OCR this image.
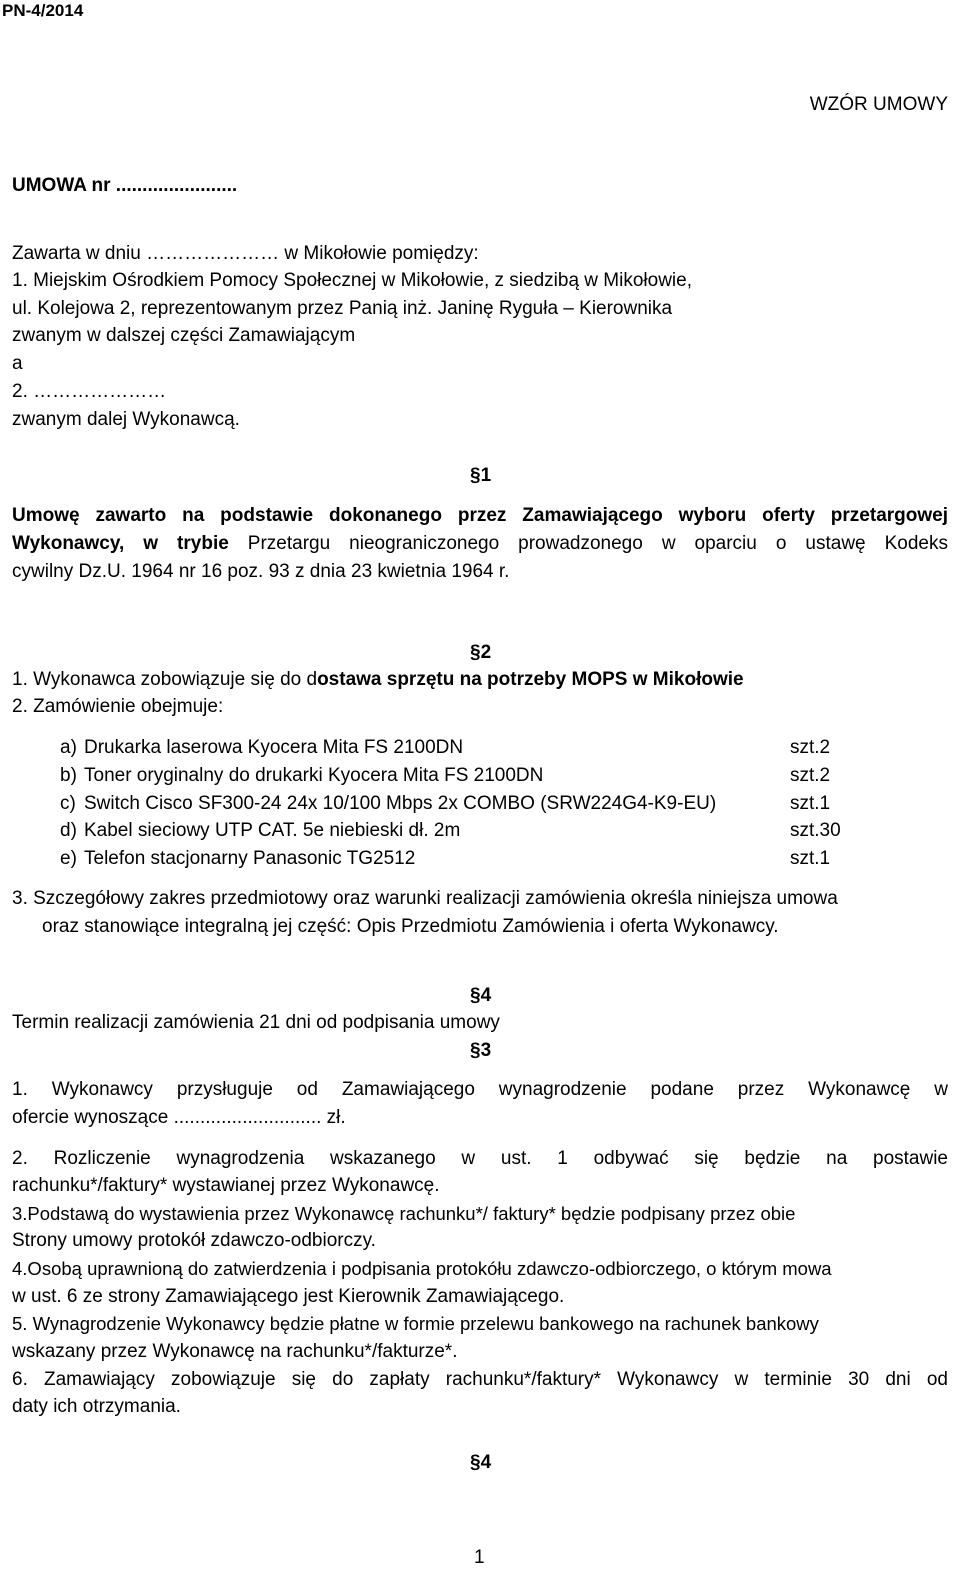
PN-4/2014
WZÓR UMOWY
UMOWA nr .......................
Zawarta w dniu ………………… w Mikołowie pomiędzy:
1. Miejskim Ośrodkiem Pomocy Społecznej w Mikołowie, z siedzibą w Mikołowie,
ul. Kolejowa 2, reprezentowanym przez Panią inż. Janinę Ryguła – Kierownika
zwanym w dalszej części Zamawiającym
a
2. …………………
zwanym dalej Wykonawcą.
§1
Umowę zawarto na podstawie dokonanego przez Zamawiającego wyboru oferty przetargowej
Wykonawcy, w trybie Przetargu nieograniczonego prowadzonego w oparciu o ustawę Kodeks
cywilny Dz.U. 1964 nr 16 poz. 93 z dnia 23 kwietnia 1964 r.
§2
1. Wykonawca zobowiązuje się do dostawa sprzętu na potrzeby MOPS w Mikołowie
2. Zamówienie obejmuje:
a) Drukarka laserowa Kyocera Mita FS 2100DN	szt.2
b) Toner oryginalny do drukarki Kyocera Mita FS 2100DN	szt.2
c) Switch Cisco SF300-24 24x 10/100 Mbps 2x COMBO (SRW224G4-K9-EU)	szt.1
d) Kabel sieciowy UTP CAT. 5e niebieski dł. 2m	szt.30
e) Telefon stacjonarny Panasonic TG2512	szt.1
3. Szczegółowy zakres przedmiotowy oraz warunki realizacji zamówienia określa niniejsza umowa
oraz stanowiące integralną jej część: Opis Przedmiotu Zamówienia i oferta Wykonawcy.
§4
Termin realizacji zamówienia 21 dni od podpisania umowy
§3
1. Wykonawcy przysługuje od Zamawiającego wynagrodzenie podane przez Wykonawcę w
ofercie wynoszące ............................ zł.
2. Rozliczenie wynagrodzenia wskazanego w ust. 1 odbywać się będzie na postawie
rachunku*/faktury* wystawianej przez Wykonawcę.
3.Podstawą do wystawienia przez Wykonawcę rachunku*/ faktury* będzie podpisany przez obie
Strony umowy protokół zdawczo-odbiorczy.
4.Osobą uprawnioną do zatwierdzenia i podpisania protokółu zdawczo-odbiorczego, o którym mowa
w ust. 6 ze strony Zamawiającego jest Kierownik Zamawiającego.
5. Wynagrodzenie Wykonawcy będzie płatne w formie przelewu bankowego na rachunek bankowy
wskazany przez Wykonawcę na rachunku*/fakturze*.
6. Zamawiający zobowiązuje się do zapłaty rachunku*/faktury* Wykonawcy w terminie 30 dni od
daty ich otrzymania.
§4
1
